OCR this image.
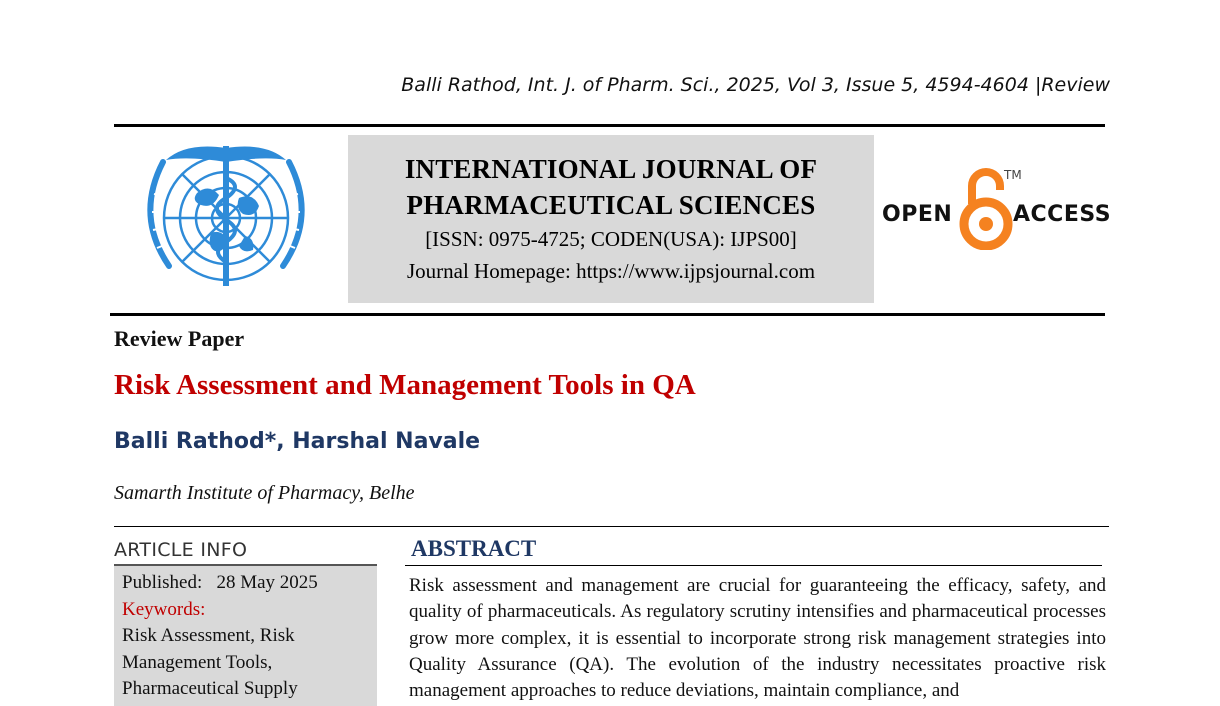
Balli Rathod, Int. J. of Pharm. Sci., 2025, Vol 3, Issue 5, 4594-4604 |Review
INTERNATIONAL JOURNAL OF
PHARMACEUTICAL SCIENCES
[ISSN: 0975-4725; CODEN(USA): IJPS00]
Journal Homepage: https://www.ijpsjournal.com
OPEN
TM
ACCESS
Review Paper
Risk Assessment and Management Tools in QA
Balli Rathod*, Harshal Navale
Samarth Institute of Pharmacy, Belhe
ARTICLE INFO
Published: 28 May 2025
Keywords:
Risk Assessment, Risk Management Tools, Pharmaceutical Supply
ABSTRACT
Risk assessment and management are crucial for guaranteeing the efficacy, safety, and quality of pharmaceuticals. As regulatory scrutiny intensifies and pharmaceutical processes grow more complex, it is essential to incorporate strong risk management strategies into Quality Assurance (QA). The evolution of the industry necessitates proactive risk management approaches to reduce deviations, maintain compliance, and
